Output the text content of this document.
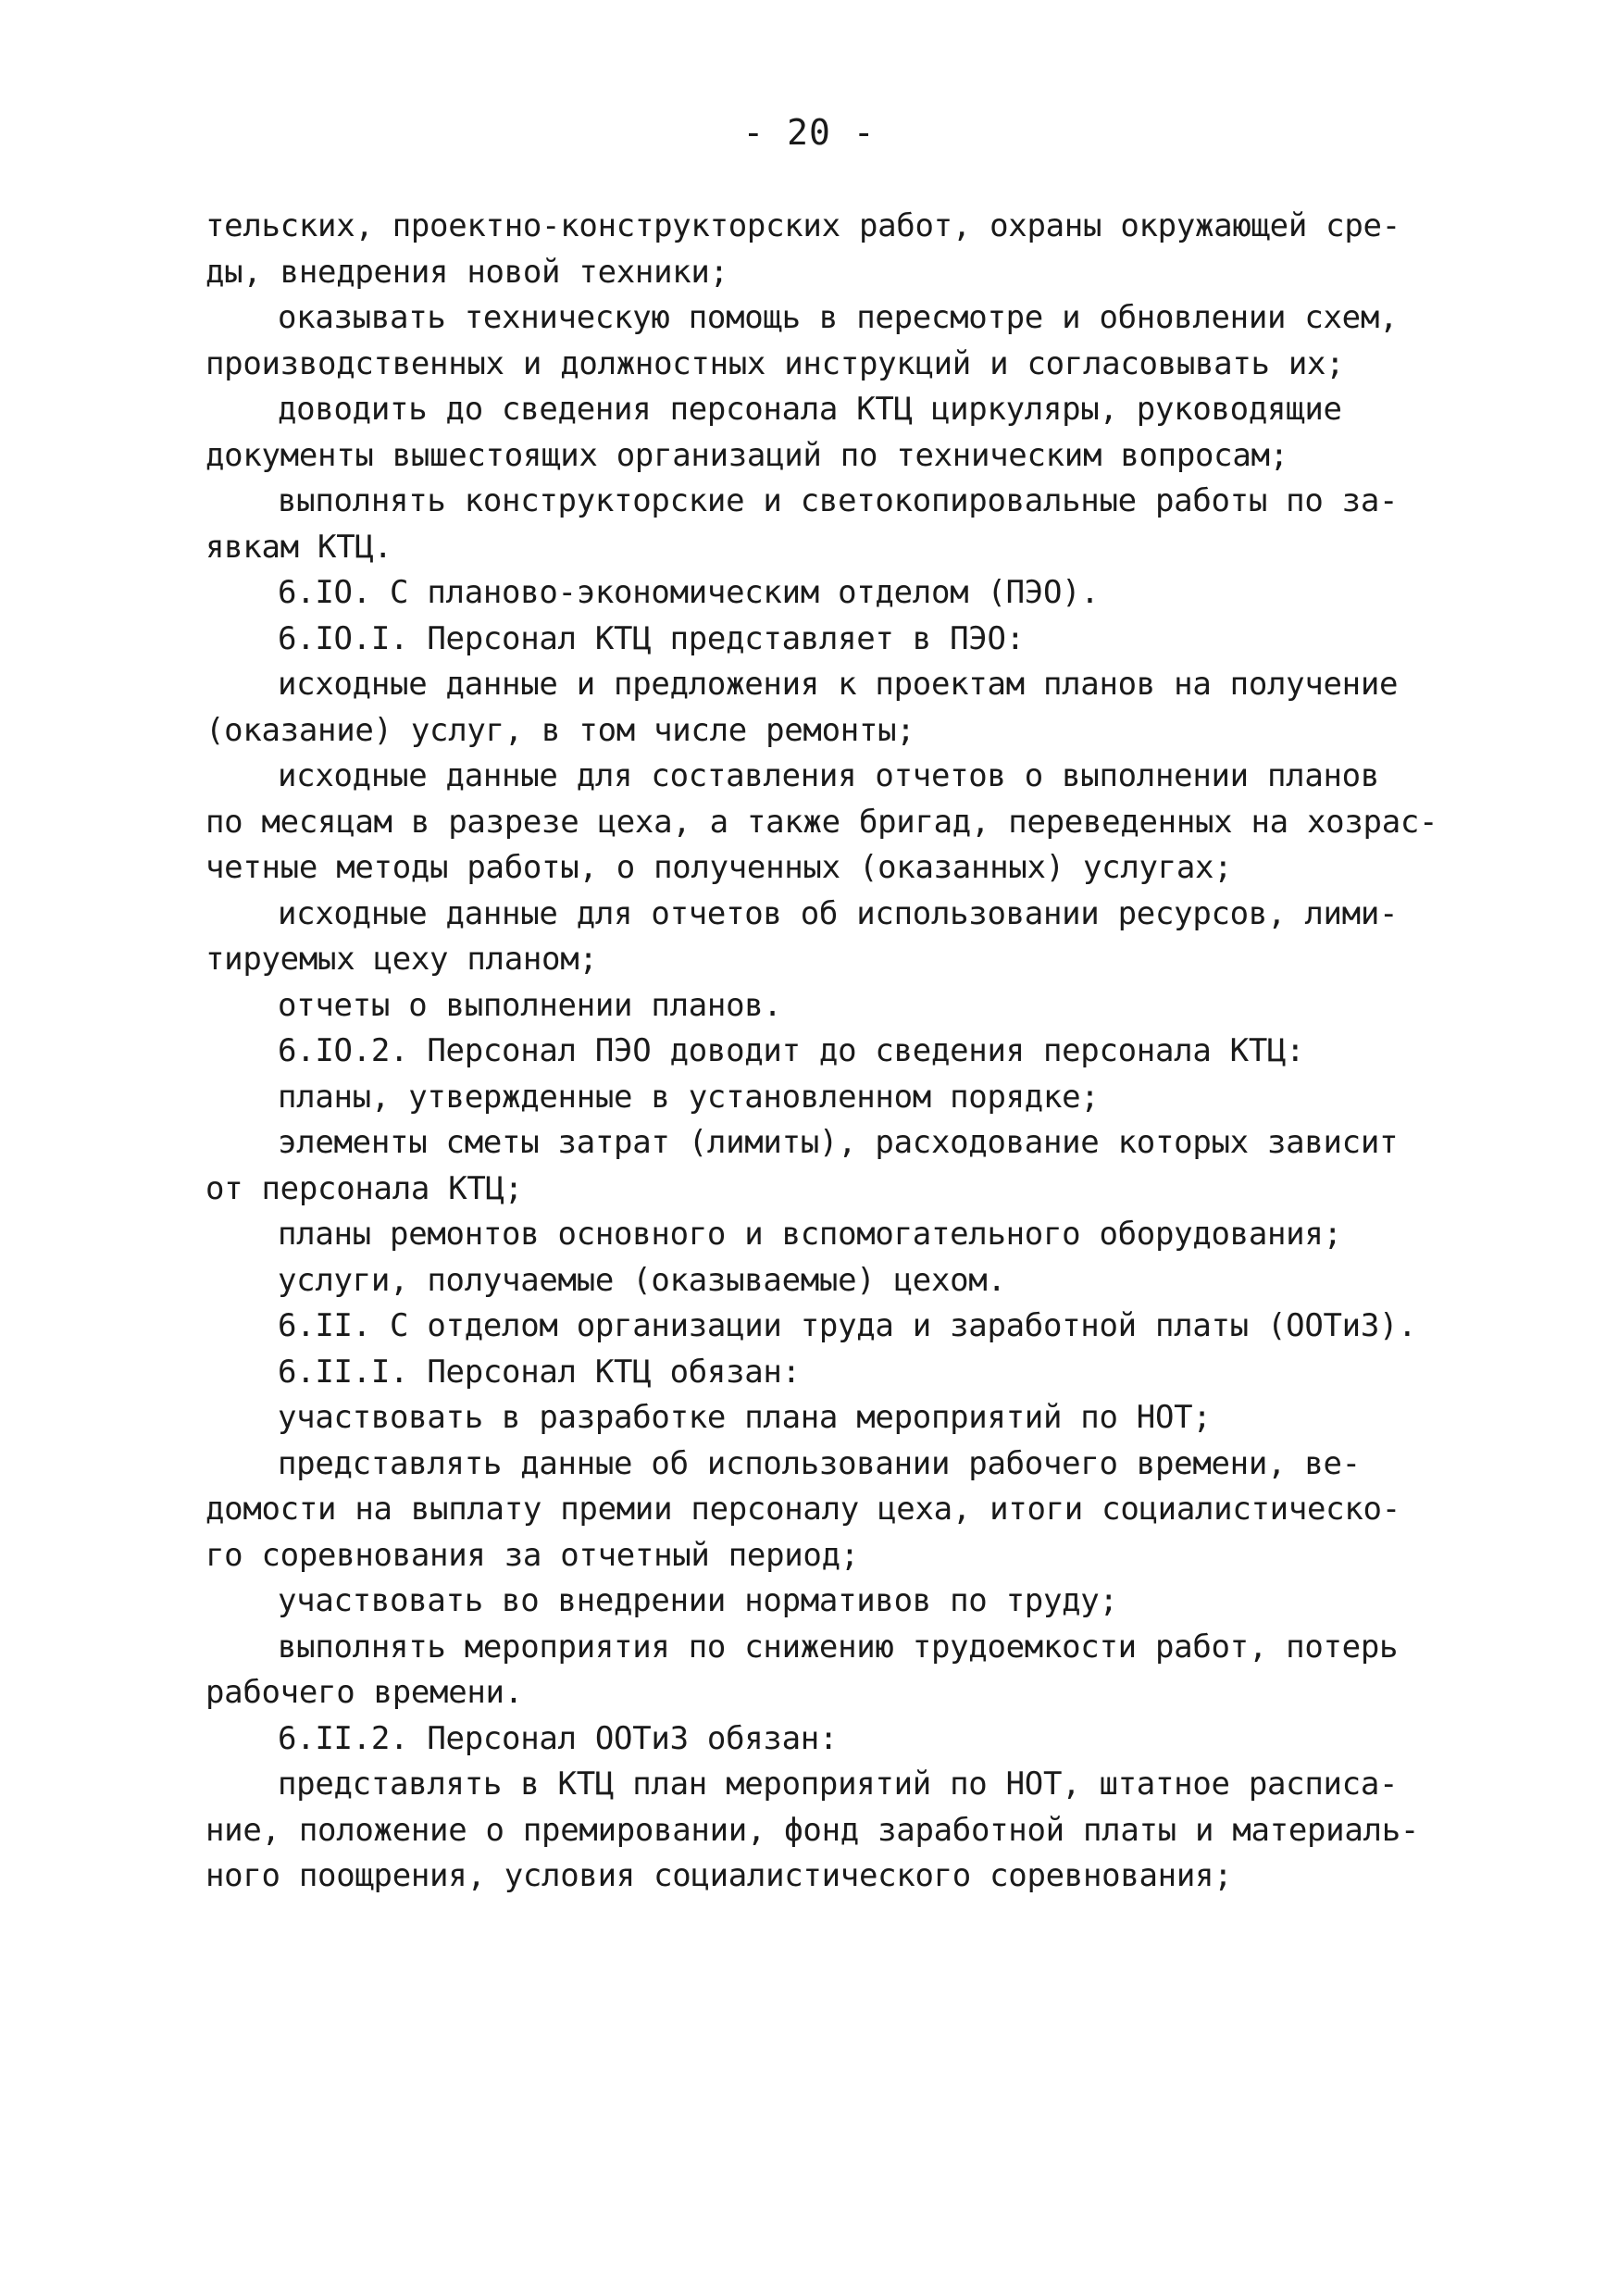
- 20 -
тельских, проектно-конструкторских работ, охраны окружающей сре-
ды, внедрения новой техники;
оказывать техническую помощь в пересмотре и обновлении схем,
производственных и должностных инструкций и согласовывать их;
доводить до сведения персонала КТЦ циркуляры, руководящие
документы вышестоящих организаций по техническим вопросам;
выполнять конструкторские и светокопировальные работы по за-
явкам КТЦ.
6.IO. С планово-экономическим отделом (ПЭО).
6.IO.I. Персонал КТЦ представляет в ПЭО:
исходные данные и предложения к проектам планов на получение
(оказание) услуг, в том числе ремонты;
исходные данные для составления отчетов о выполнении планов
по месяцам в разрезе цеха, а также бригад, переведенных на хозрас-
четные методы работы, о полученных (оказанных) услугах;
исходные данные для отчетов об использовании ресурсов, лими-
тируемых цеху планом;
отчеты о выполнении планов.
6.IO.2. Персонал ПЭО доводит до сведения персонала КТЦ:
планы, утвержденные в установленном порядке;
элементы сметы затрат (лимиты), расходование которых зависит
от персонала КТЦ;
планы ремонтов основного и вспомогательного оборудования;
услуги, получаемые (оказываемые) цехом.
6.II. С отделом организации труда и заработной платы (ООТиЗ).
6.II.I. Персонал КТЦ обязан:
участвовать в разработке плана мероприятий по НОТ;
представлять данные об использовании рабочего времени, ве-
домости на выплату премии персоналу цеха, итоги социалистическо-
го соревнования за отчетный период;
участвовать во внедрении нормативов по труду;
выполнять мероприятия по снижению трудоемкости работ, потерь
рабочего времени.
6.II.2. Персонал ООТиЗ обязан:
представлять в КТЦ план мероприятий по НОТ, штатное расписа-
ние, положение о премировании, фонд заработной платы и материаль-
ного поощрения, условия социалистического соревнования;
